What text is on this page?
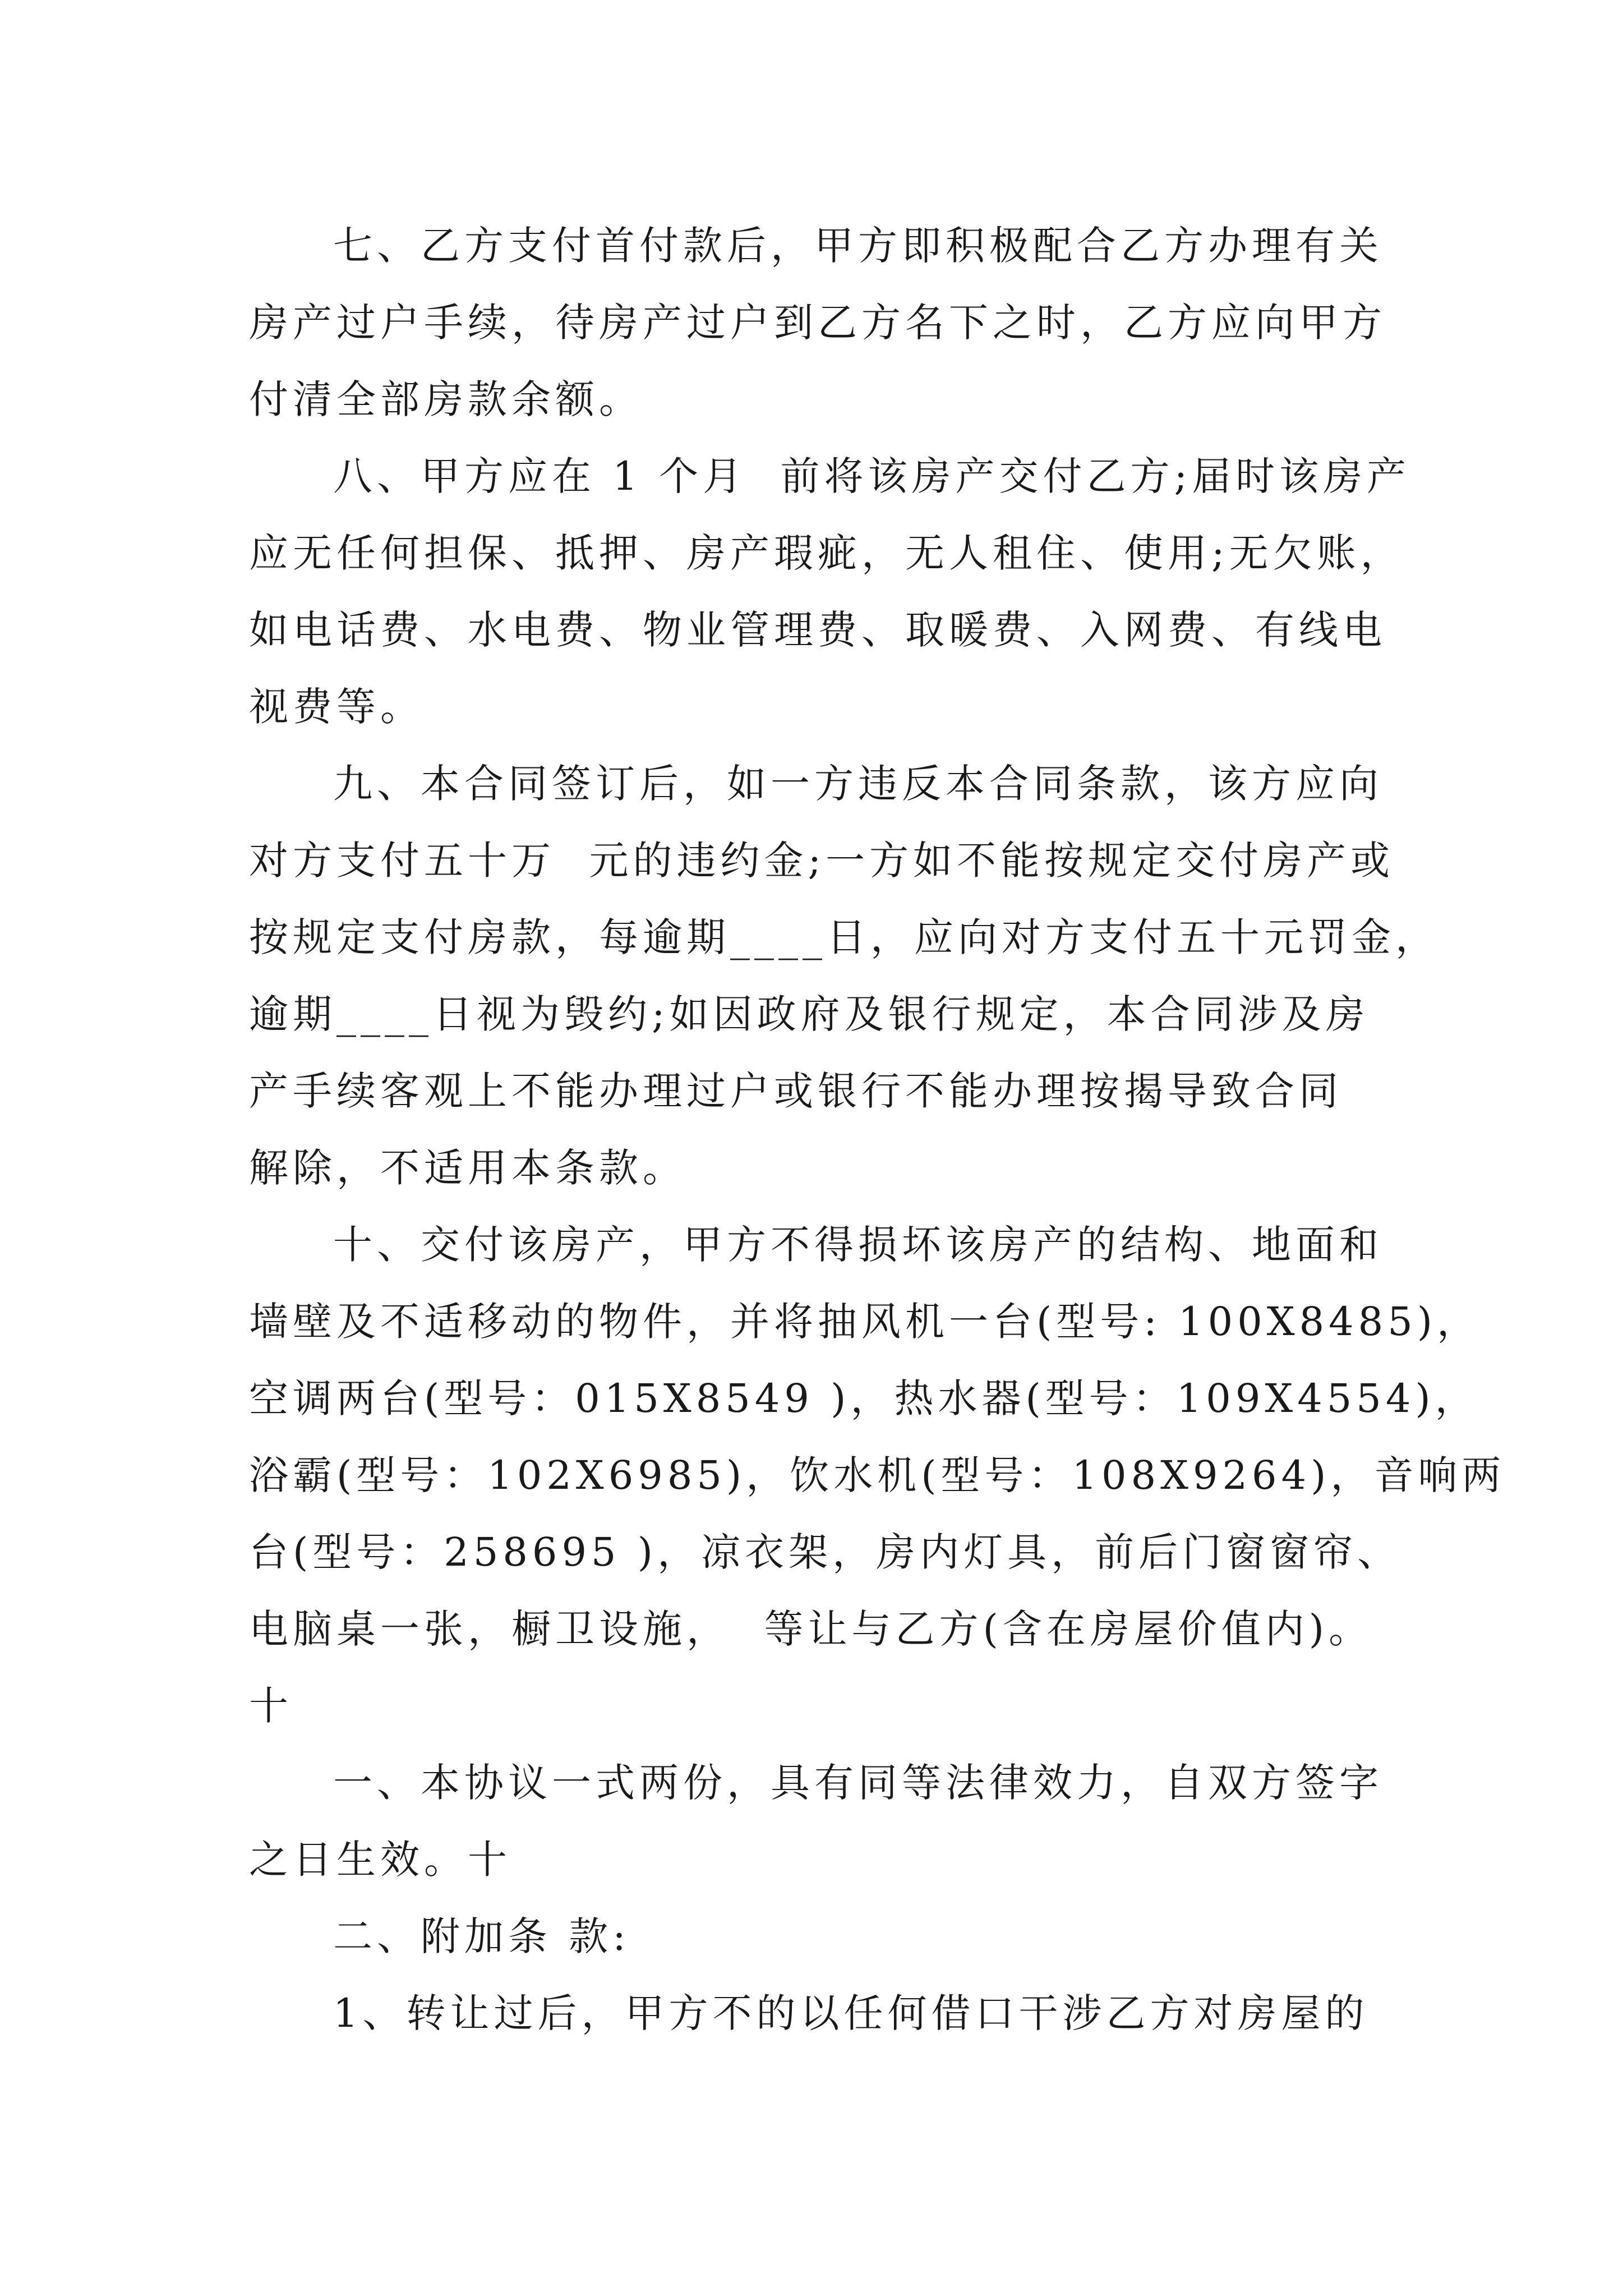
七、乙方支付首付款后，甲方即积极配合乙方办理有关
房产过户手续，待房产过户到乙方名下之时，乙方应向甲方
付清全部房款余额。
八、甲方应在 1 个月  前将该房产交付乙方;届时该房产
应无任何担保、抵押、房产瑕疵，无人租住、使用;无欠账，
如电话费、水电费、物业管理费、取暖费、入网费、有线电
视费等。
九、本合同签订后，如一方违反本合同条款，该方应向
对方支付五十万  元的违约金;一方如不能按规定交付房产或
按规定支付房款，每逾期____日，应向对方支付五十元罚金，
逾期____日视为毁约;如因政府及银行规定，本合同涉及房
产手续客观上不能办理过户或银行不能办理按揭导致合同
解除，不适用本条款。
十、交付该房产，甲方不得损坏该房产的结构、地面和
墙壁及不适移动的物件，并将抽风机一台(型号: 100X8485)，
空调两台(型号：015X8549 )，热水器(型号：109X4554)，
浴霸(型号：102X6985)，饮水机(型号：108X9264)，音响两
台(型号：258695 )，凉衣架，房内灯具，前后门窗窗帘、
电脑桌一张，橱卫设施，  等让与乙方(含在房屋价值内)。
十
一、本协议一式两份，具有同等法律效力，自双方签字
之日生效。十
二、附加条 款:
1、转让过后，甲方不的以任何借口干涉乙方对房屋的
